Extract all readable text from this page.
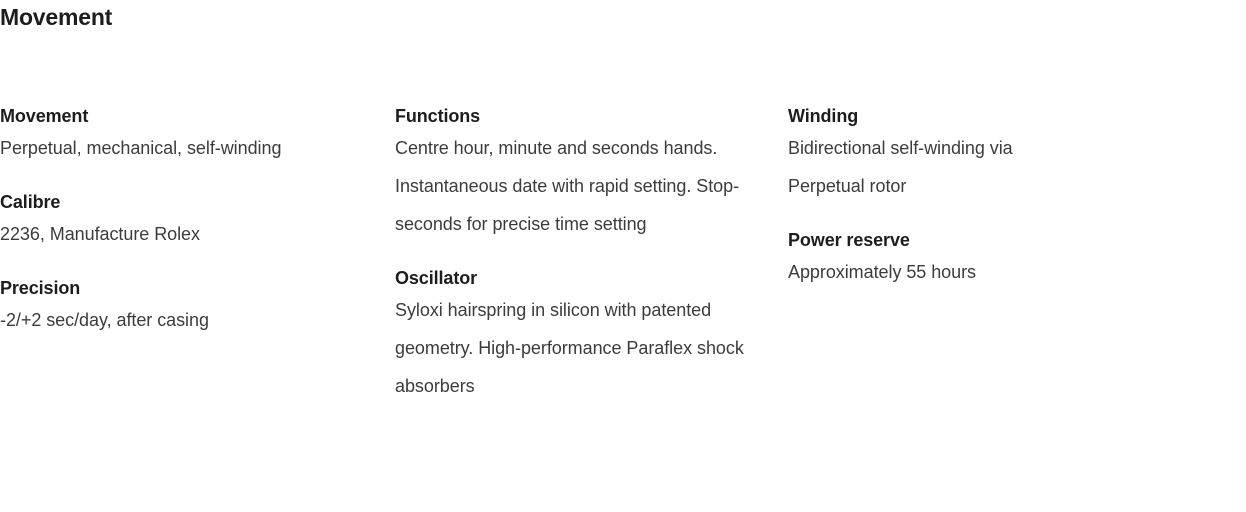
Movement
Movement
Perpetual, mechanical, self-winding
Calibre
2236, Manufacture Rolex
Precision
-2/+2 sec/day, after casing
Functions
Centre hour, minute and seconds hands. Instantaneous date with rapid setting. Stop-seconds for precise time setting
Oscillator
Syloxi hairspring in silicon with patented geometry. High-performance Paraflex shock absorbers
Winding
Bidirectional self-winding via Perpetual rotor
Power reserve
Approximately 55 hours
